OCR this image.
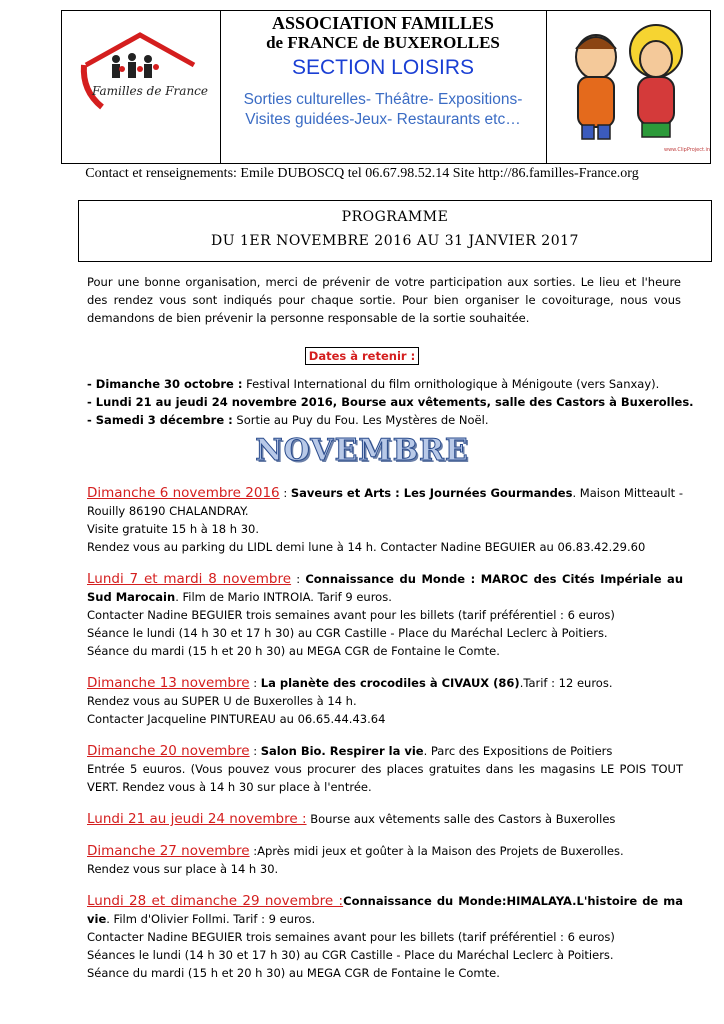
Familles de France
ASSOCIATION FAMILLES
de FRANCE de BUXEROLLES
SECTION LOISIRS
Sorties culturelles- Théâtre- Expositions- Visites guidées-Jeux- Restaurants etc…
www.ClipProject.info
Contact et renseignements: Emile DUBOSCQ tel 06.67.98.52.14 Site http://86.familles-France.org
PROGRAMME
DU 1ER NOVEMBRE 2016 AU 31 JANVIER 2017
Pour une bonne organisation, merci de prévenir de votre participation aux sorties. Le lieu et l'heure des rendez vous sont indiqués pour chaque sortie. Pour bien organiser le covoiturage, nous vous demandons de bien prévenir la personne responsable de la sortie souhaitée.
Dates à retenir :
- Dimanche 30 octobre : Festival International du film ornithologique à Ménigoute (vers Sanxay).
- Lundi 21 au jeudi 24 novembre 2016, Bourse aux vêtements, salle des Castors à Buxerolles.
- Samedi 3 décembre : Sortie au Puy du Fou. Les Mystères de Noël.
NOVEMBRE
Dimanche 6 novembre 2016 : Saveurs et Arts : Les Journées Gourmandes. Maison Mitteault - Rouilly 86190 CHALANDRAY.
Visite gratuite 15 h à 18 h 30.
Rendez vous au parking du LIDL demi lune à 14 h. Contacter Nadine BEGUIER au 06.83.42.29.60
Lundi 7 et mardi 8 novembre : Connaissance du Monde : MAROC des Cités Impériale au Sud Marocain. Film de Mario INTROIA. Tarif 9 euros.
Contacter Nadine BEGUIER trois semaines avant pour les billets (tarif préférentiel : 6 euros)
Séance le lundi (14 h 30 et 17 h 30) au CGR Castille - Place du Maréchal Leclerc à Poitiers.
Séance du mardi (15 h et 20 h 30) au MEGA CGR de Fontaine le Comte.
Dimanche 13 novembre : La planète des crocodiles à CIVAUX (86).Tarif : 12 euros.
Rendez vous au SUPER U de Buxerolles à 14 h.
Contacter Jacqueline PINTUREAU au 06.65.44.43.64
Dimanche 20 novembre : Salon Bio. Respirer la vie. Parc des Expositions de Poitiers
Entrée 5 euuros. (Vous pouvez vous procurer des places gratuites dans les magasins LE POIS TOUT VERT. Rendez vous à 14 h 30 sur place à l'entrée.
Lundi 21 au jeudi 24 novembre : Bourse aux vêtements salle des Castors à Buxerolles
Dimanche 27 novembre :Après midi jeux et goûter à la Maison des Projets de Buxerolles.
Rendez vous sur place à 14 h 30.
Lundi 28 et dimanche 29 novembre :Connaissance du Monde:HIMALAYA.L'histoire de ma vie. Film d'Olivier Follmi. Tarif : 9 euros.
Contacter Nadine BEGUIER trois semaines avant pour les billets (tarif préférentiel : 6 euros)
Séances le lundi (14 h 30 et 17 h 30) au CGR Castille - Place du Maréchal Leclerc à Poitiers.
Séance du mardi (15 h et 20 h 30) au MEGA CGR de Fontaine le Comte.
